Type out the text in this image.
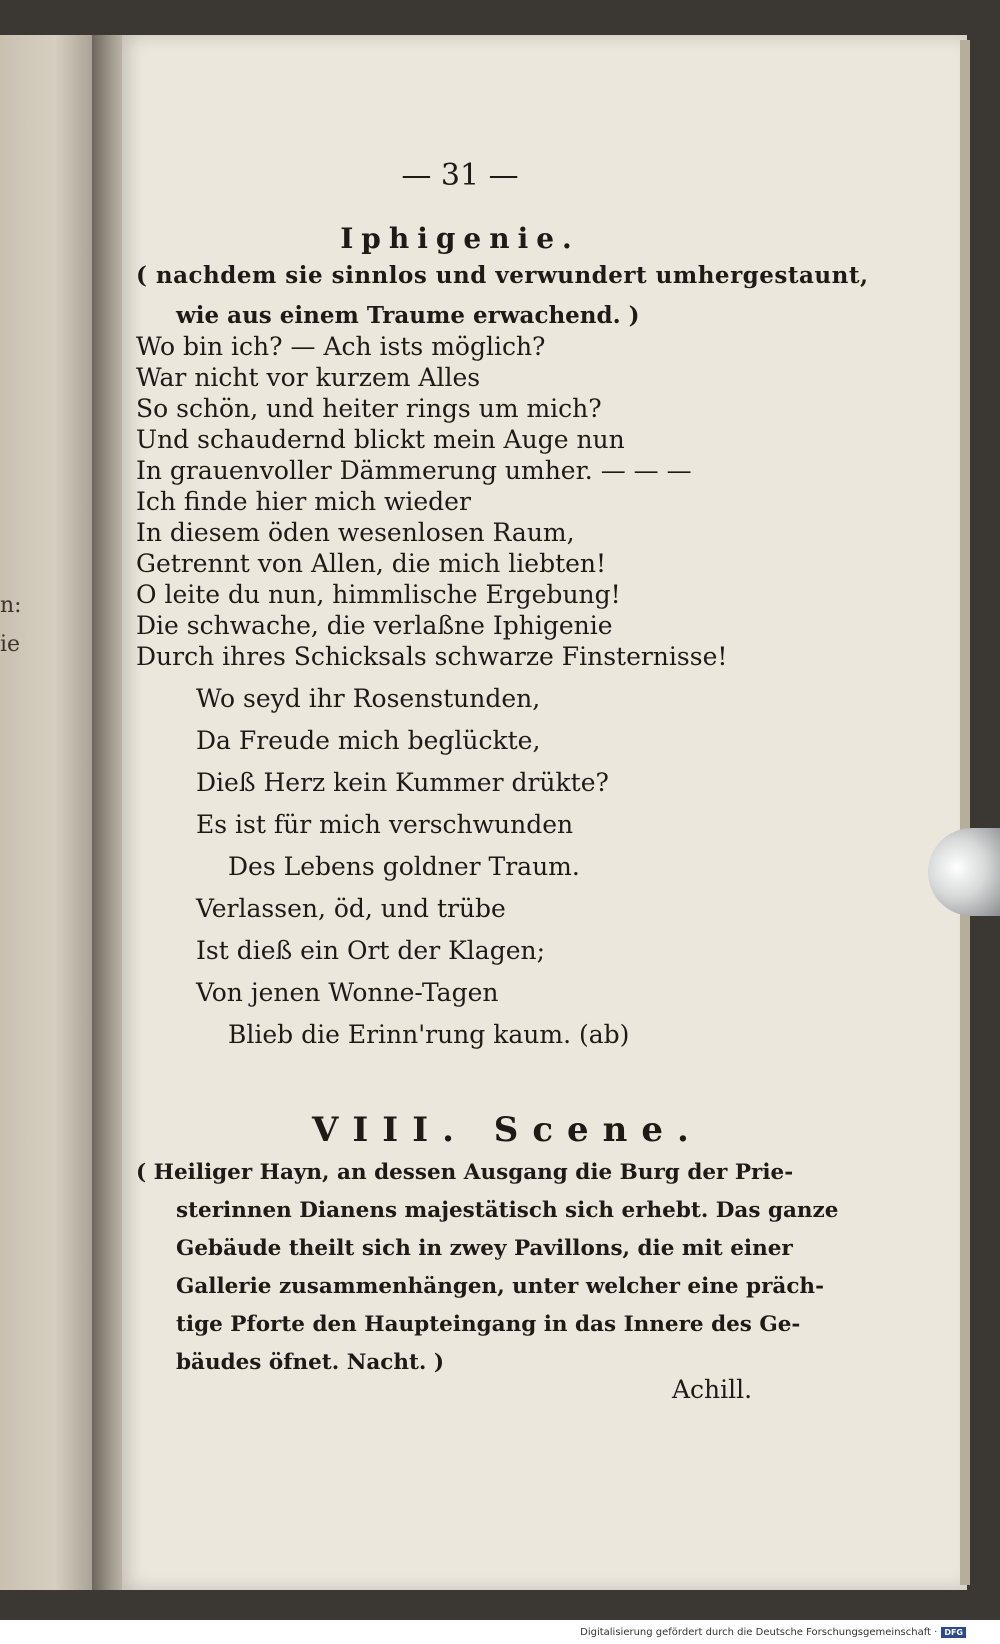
n:
ie
— 31 —
Iphigenie.
( nachdem sie sinnlos und verwundert umhergestaunt,
wie aus einem Traume erwachend. )
Wo bin ich? — Ach ists möglich?
War nicht vor kurzem Alles
So schön, und heiter rings um mich?
Und schaudernd blickt mein Auge nun
In grauenvoller Dämmerung umher. — — —
Ich finde hier mich wieder
In diesem öden wesenlosen Raum,
Getrennt von Allen, die mich liebten!
O leite du nun, himmlische Ergebung!
Die schwache, die verlaßne Iphigenie
Durch ihres Schicksals schwarze Finsternisse!
Wo seyd ihr Rosenstunden,
Da Freude mich beglückte,
Dieß Herz kein Kummer drükte?
Es ist für mich verschwunden
Des Lebens goldner Traum.
Verlassen, öd, und trübe
Ist dieß ein Ort der Klagen;
Von jenen Wonne-Tagen
Blieb die Erinn'rung kaum. (ab)
VIII. Scene.
( Heiliger Hayn, an dessen Ausgang die Burg der Prie-
sterinnen Dianens majestätisch sich erhebt. Das ganze
Gebäude theilt sich in zwey Pavillons, die mit einer
Gallerie zusammenhängen, unter welcher eine präch-
tige Pforte den Haupteingang in das Innere des Ge-
bäudes öfnet. Nacht. )
Achill.
Digitalisierung gefördert durch die Deutsche Forschungsgemeinschaft · DFG
